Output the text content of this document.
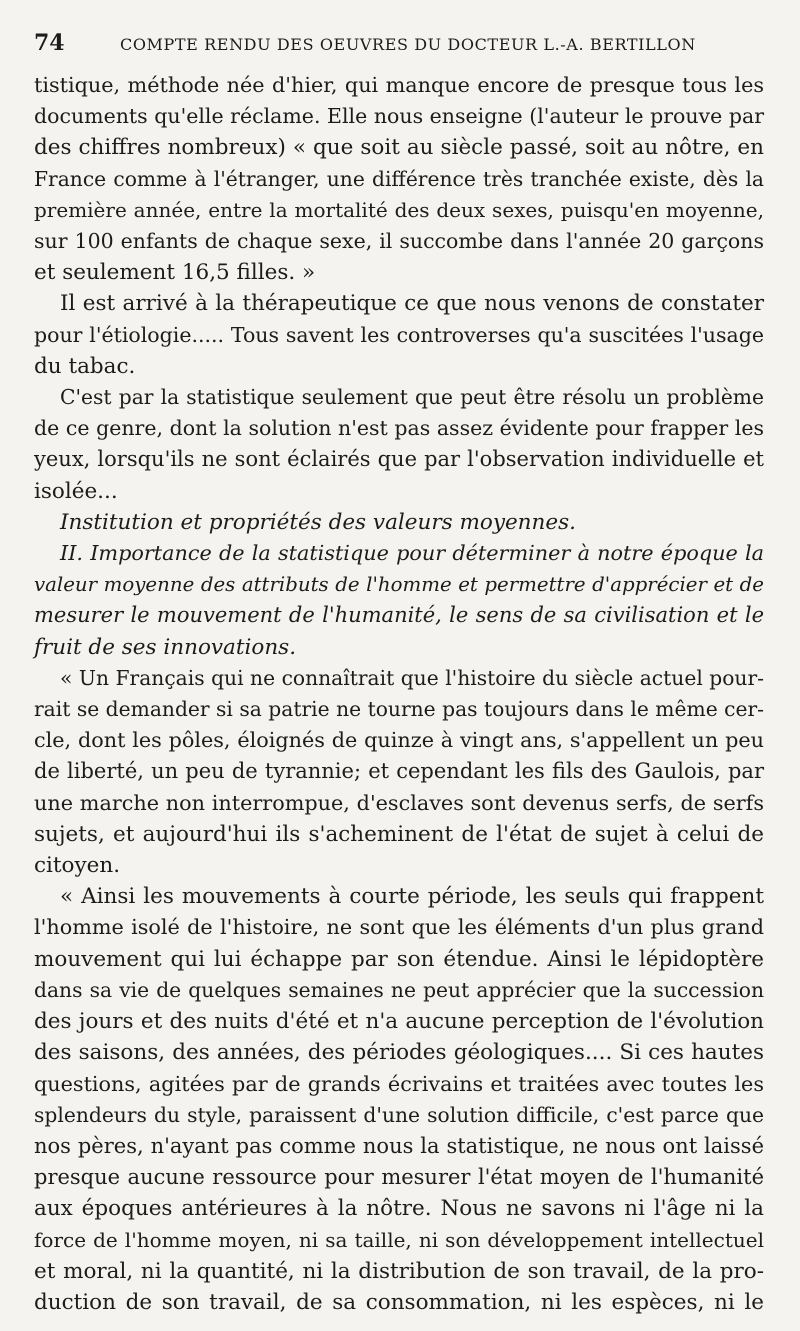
74	COMPTE RENDU DES OEUVRES DU DOCTEUR L.-A. BERTILLON

tistique, méthode née d'hier, qui manque encore de presque tous les
documents qu'elle réclame. Elle nous enseigne (l'auteur le prouve par
des chiffres nombreux) « que soit au siècle passé, soit au nôtre, en
France comme à l'étranger, une différence très tranchée existe, dès la
première année, entre la mortalité des deux sexes, puisqu'en moyenne,
sur 100 enfants de chaque sexe, il succombe dans l'année 20 garçons
et seulement 16,5 filles. »

Il est arrivé à la thérapeutique ce que nous venons de constater
pour l'étiologie..... Tous savent les controverses qu'a suscitées l'usage
du tabac.

C'est par la statistique seulement que peut être résolu un problème
de ce genre, dont la solution n'est pas assez évidente pour frapper les
yeux, lorsqu'ils ne sont éclairés que par l'observation individuelle et
isolée...

Institution et propriétés des valeurs moyennes.

II. Importance de la statistique pour déterminer à notre époque la
valeur moyenne des attributs de l'homme et permettre d'apprécier et de
mesurer le mouvement de l'humanité, le sens de sa civilisation et le
fruit de ses innovations.

« Un Français qui ne connaîtrait que l'histoire du siècle actuel pour-
rait se demander si sa patrie ne tourne pas toujours dans le même cer-
cle, dont les pôles, éloignés de quinze à vingt ans, s'appellent un peu
de liberté, un peu de tyrannie; et cependant les fils des Gaulois, par
une marche non interrompue, d'esclaves sont devenus serfs, de serfs
sujets, et aujourd'hui ils s'acheminent de l'état de sujet à celui de
citoyen.

« Ainsi les mouvements à courte période, les seuls qui frappent
l'homme isolé de l'histoire, ne sont que les éléments d'un plus grand
mouvement qui lui échappe par son étendue. Ainsi le lépidoptère
dans sa vie de quelques semaines ne peut apprécier que la succession
des jours et des nuits d'été et n'a aucune perception de l'évolution
des saisons, des années, des périodes géologiques.... Si ces hautes
questions, agitées par de grands écrivains et traitées avec toutes les
splendeurs du style, paraissent d'une solution difficile, c'est parce que
nos pères, n'ayant pas comme nous la statistique, ne nous ont laissé
presque aucune ressource pour mesurer l'état moyen de l'humanité
aux époques antérieures à la nôtre. Nous ne savons ni l'âge ni la
force de l'homme moyen, ni sa taille, ni son développement intellectuel
et moral, ni la quantité, ni la distribution de son travail, de la pro-
duction de son travail, de sa consommation, ni les espèces, ni le
